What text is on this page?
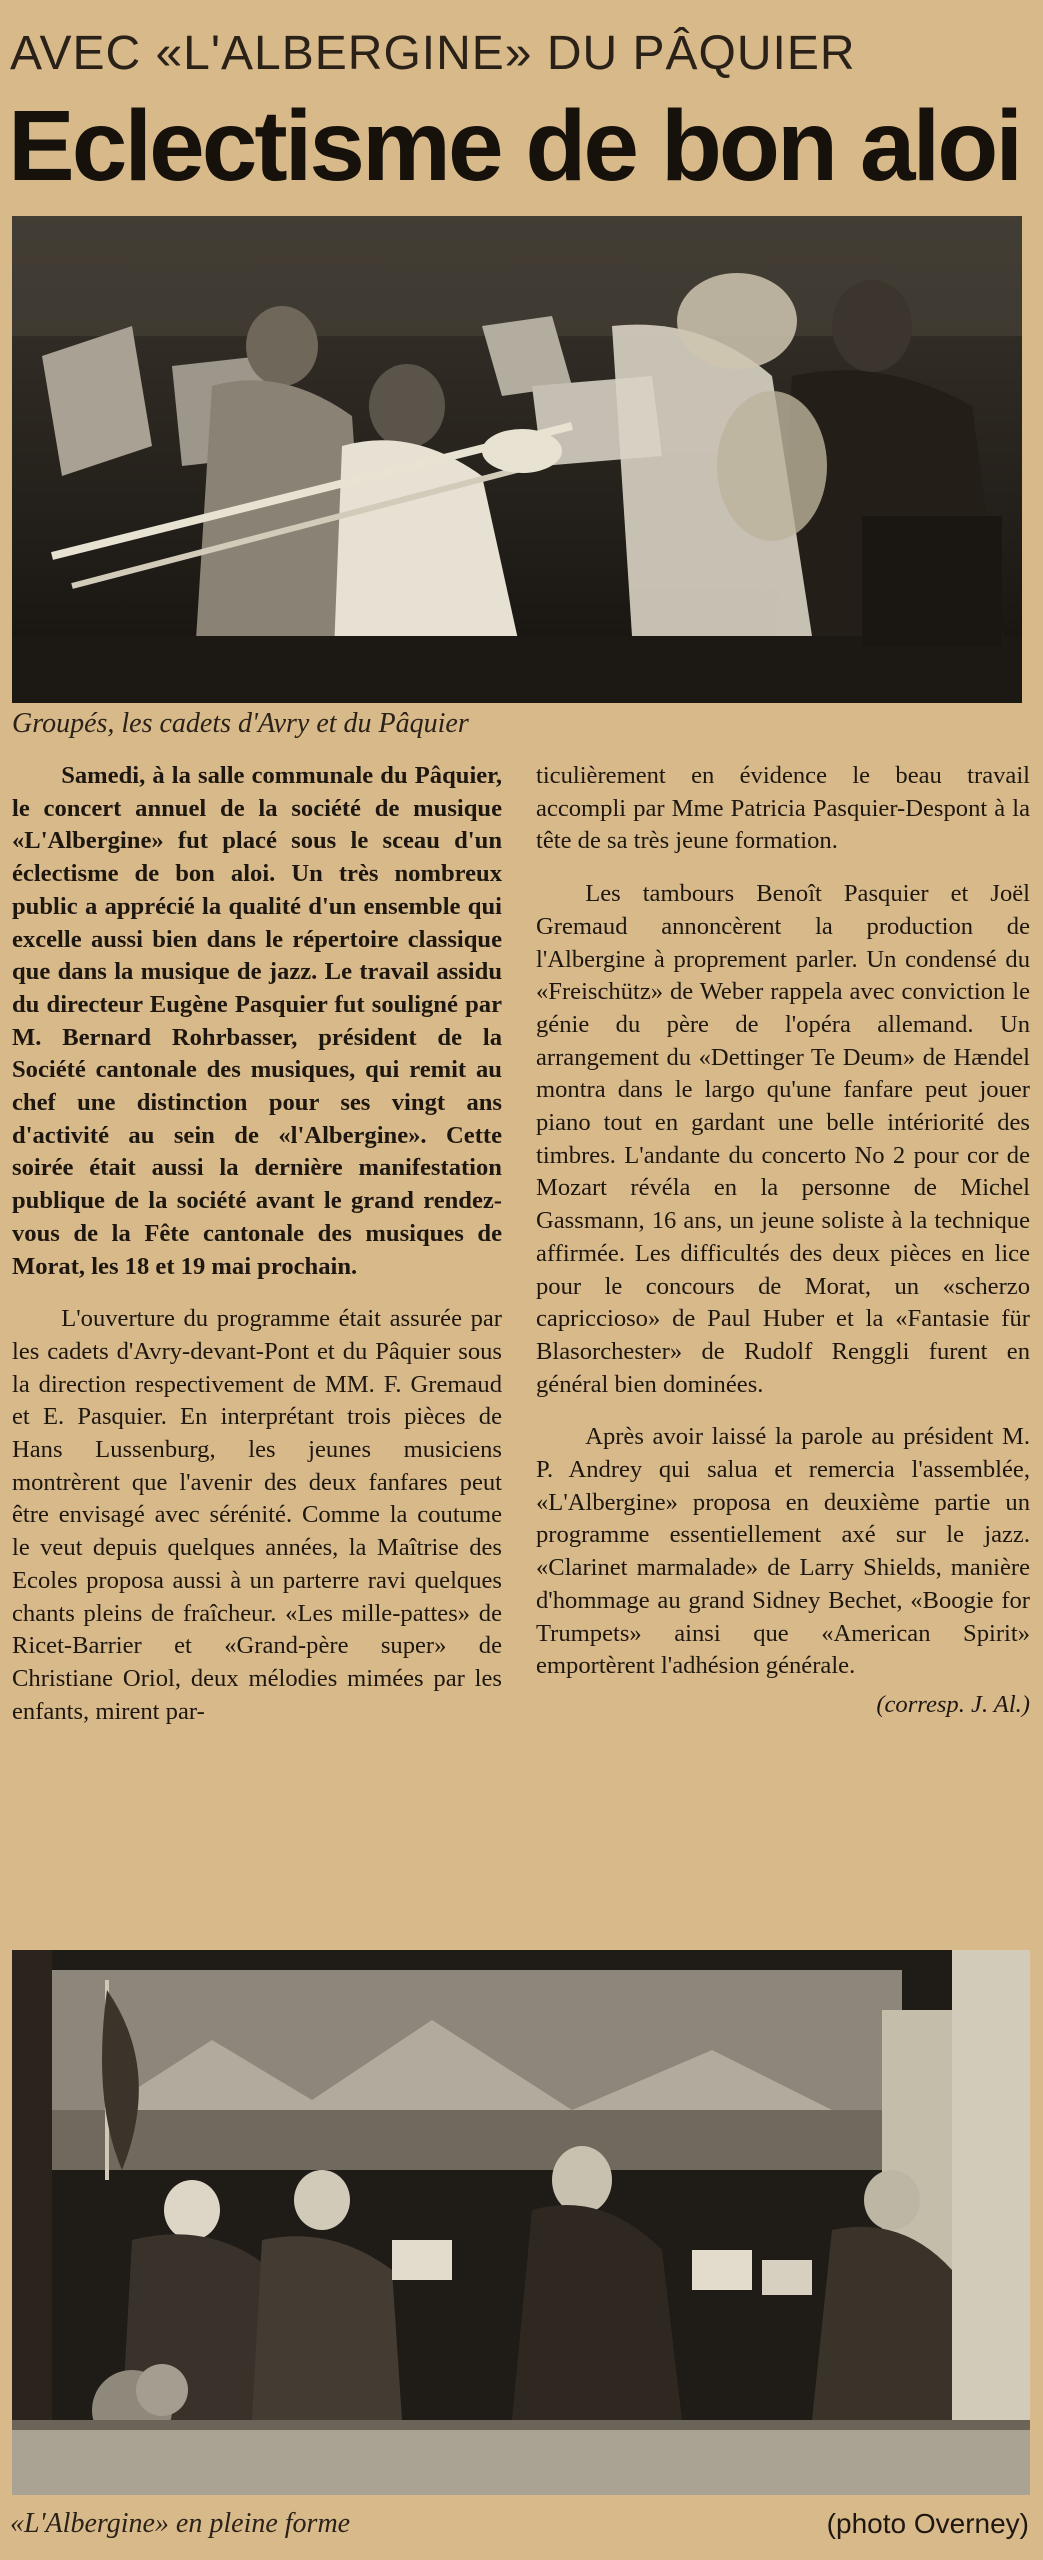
AVEC «L'ALBERGINE» DU PÂQUIER
Eclectisme de bon aloi
Groupés, les cadets d'Avry et du Pâquier

Samedi, à la salle communale du Pâquier, le concert annuel de la société de musique «L'Albergine» fut placé sous le sceau d'un éclectisme de bon aloi. Un très nombreux public a apprécié la qualité d'un ensemble qui excelle aussi bien dans le répertoire classique que dans la musique de jazz. Le travail assidu du directeur Eugène Pasquier fut souligné par M. Bernard Rohrbasser, président de la Société cantonale des musiques, qui remit au chef une distinction pour ses vingt ans d'activité au sein de «l'Albergine». Cette soirée était aussi la dernière manifestation publique de la société avant le grand rendez-vous de la Fête cantonale des musiques de Morat, les 18 et 19 mai prochain.

L'ouverture du programme était assurée par les cadets d'Avry-devant-Pont et du Pâquier sous la direction respectivement de MM. F. Gremaud et E. Pasquier. En interprétant trois pièces de Hans Lussenburg, les jeunes musiciens montrèrent que l'avenir des deux fanfares peut être envisagé avec sérénité. Comme la coutume le veut depuis quelques années, la Maîtrise des Ecoles proposa aussi à un parterre ravi quelques chants pleins de fraîcheur. «Les mille-pattes» de Ricet-Barrier et «Grand-père super» de Christiane Oriol, deux mélodies mimées par les enfants, mirent par-

ticulièrement en évidence le beau travail accompli par Mme Patricia Pasquier-Despont à la tête de sa très jeune formation.

Les tambours Benoît Pasquier et Joël Gremaud annoncèrent la production de l'Albergine à proprement parler. Un condensé du «Freischütz» de Weber rappela avec conviction le génie du père de l'opéra allemand. Un arrangement du «Dettinger Te Deum» de Hændel montra dans le largo qu'une fanfare peut jouer piano tout en gardant une belle intériorité des timbres. L'andante du concerto No 2 pour cor de Mozart révéla en la personne de Michel Gassmann, 16 ans, un jeune soliste à la technique affirmée. Les difficultés des deux pièces en lice pour le concours de Morat, un «scherzo capriccioso» de Paul Huber et la «Fantasie für Blasorchester» de Rudolf Renggli furent en général bien dominées.

Après avoir laissé la parole au président M. P. Andrey qui salua et remercia l'assemblée, «L'Albergine» proposa en deuxième partie un programme essentiellement axé sur le jazz. «Clarinet marmalade» de Larry Shields, manière d'hommage au grand Sidney Bechet, «Boogie for Trumpets» ainsi que «American Spirit» emportèrent l'adhésion générale.

(corresp. J. Al.)
«L'Albergine» en pleine forme	(photo Overney)
